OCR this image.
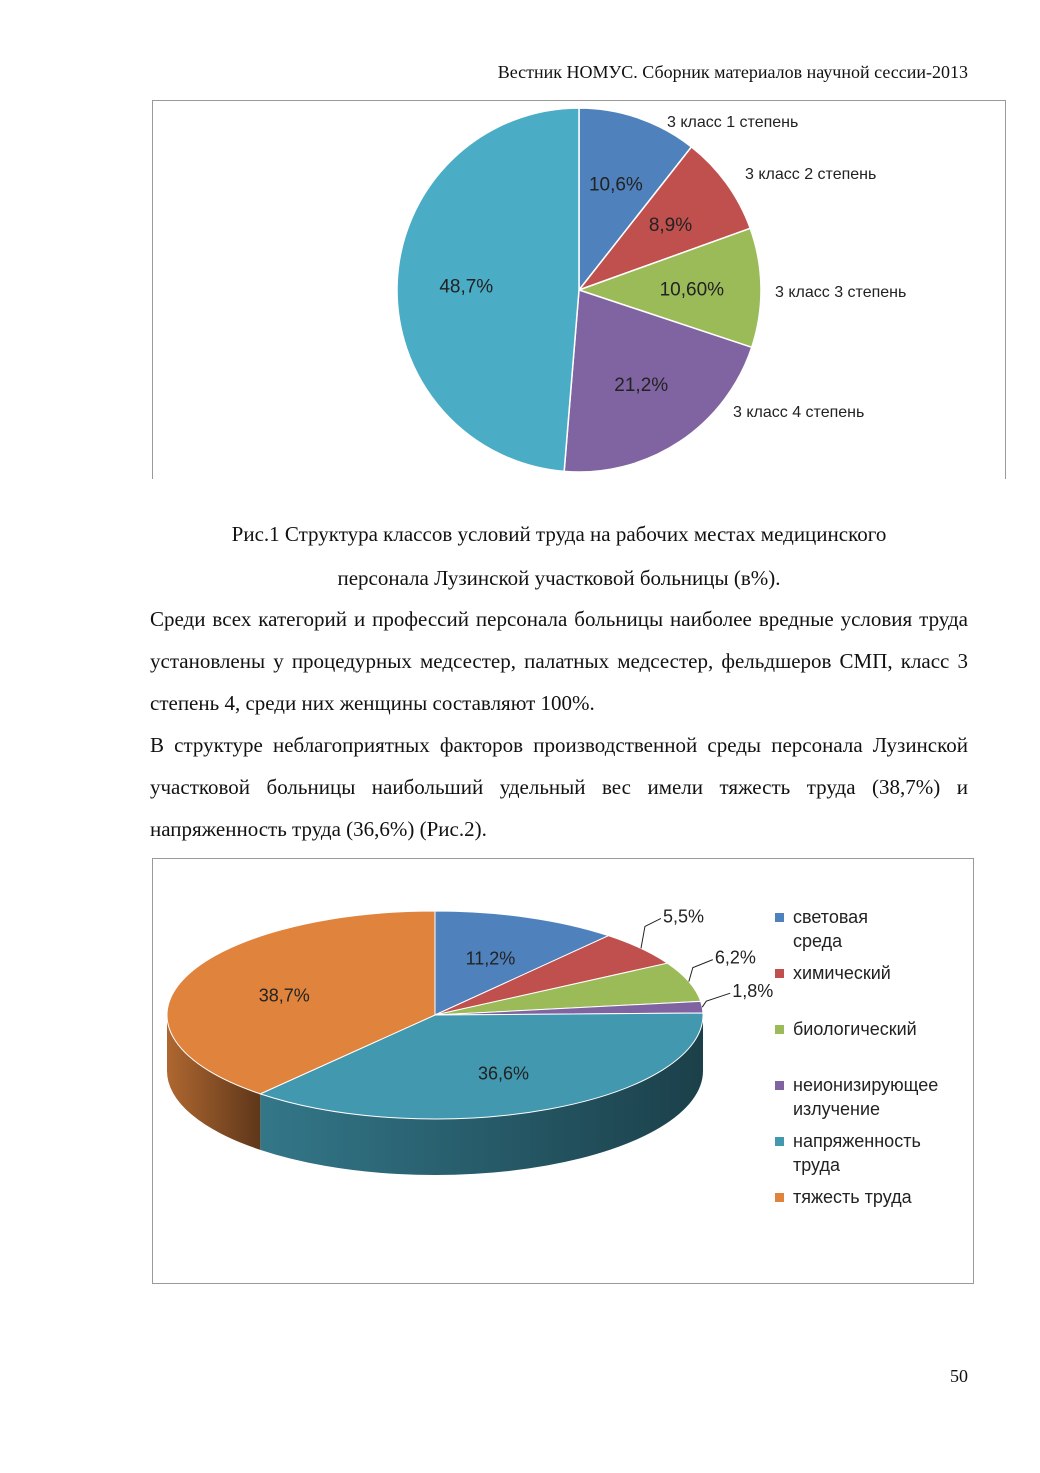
Вестник НОМУС. Сборник материалов научной сессии-2013
10,6%
3 класс 1 степень
8,9%
3 класс 2 степень
10,60%	3 класс 3 степень
21,2%
3 класс 4 степень
48,7%
Рис.1 Структура классов условий труда на рабочих местах медицинского
персонала Лузинской участковой больницы (в%).
Среди всех категорий и профессий персонала больницы наиболее вредные условия труда установлены у процедурных медсестер, палатных медсестер, фельдшеров СМП, класс 3 степень 4, среди них женщины составляют 100%.
В структуре неблагоприятных факторов производственной среды персонала Лузинской участковой больницы наибольший удельный вес имели тяжесть труда (38,7%) и напряженность труда (36,6%) (Рис.2).
11,2%
5,5%
6,2%
1,8%
36,6%
38,7%
световая среда
химический
биологический
неионизирующее излучение
напряженность труда
тяжесть труда
50
